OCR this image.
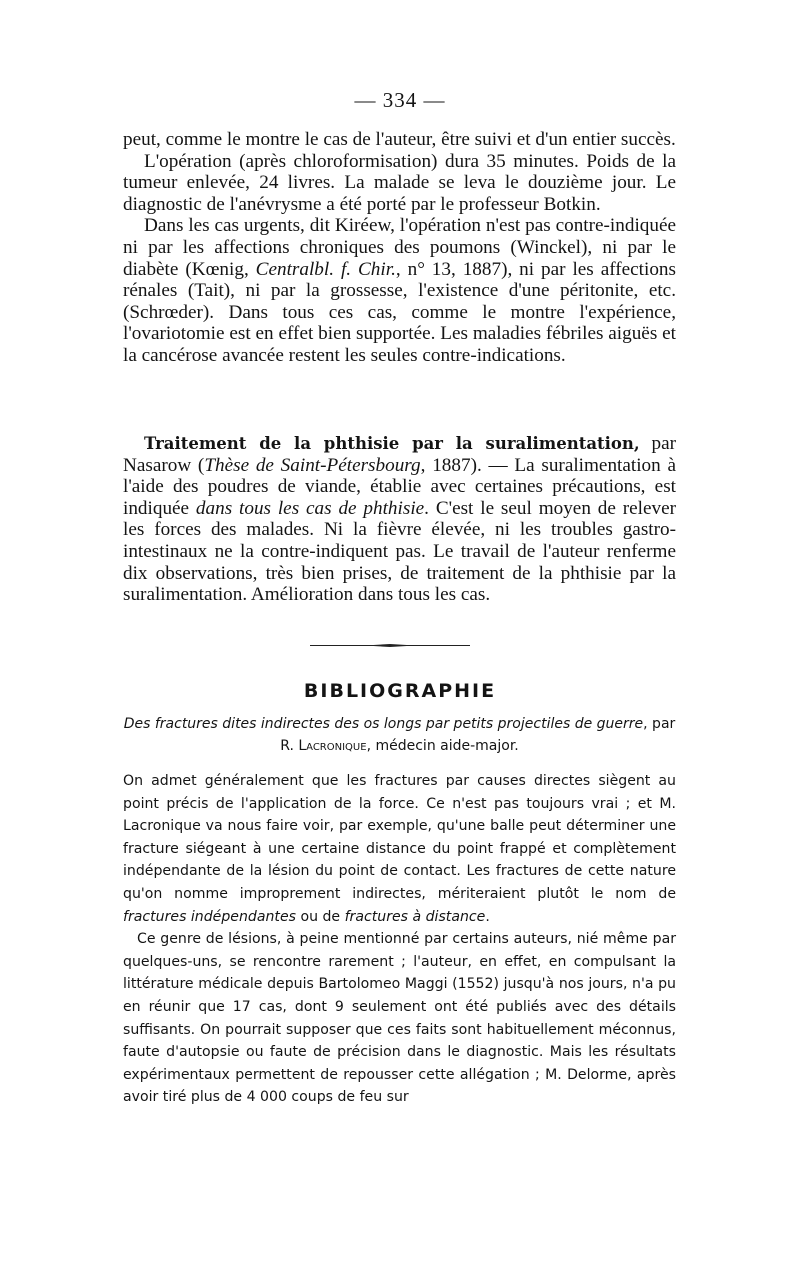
— 334 —

peut, comme le montre le cas de l'auteur, être suivi et d'un entier succès.

L'opération (après chloroformisation) dura 35 minutes. Poids de la tumeur enlevée, 24 livres. La malade se leva le douzième jour. Le diagnostic de l'anévrysme a été porté par le professeur Botkin.

Dans les cas urgents, dit Kiréew, l'opération n'est pas contre-indiquée ni par les affections chroniques des poumons (Winckel), ni par le diabète (Kœnig, Centralbl. f. Chir., n° 13, 1887), ni par les affections rénales (Tait), ni par la grossesse, l'existence d'une péritonite, etc. (Schrœder). Dans tous ces cas, comme le montre l'expérience, l'ovariotomie est en effet bien supportée. Les maladies fébriles aiguës et la cancérose avancée restent les seules contre-indications.

Traitement de la phthisie par la suralimentation, par Nasarow (Thèse de Saint-Pétersbourg, 1887). — La suralimentation à l'aide des poudres de viande, établie avec certaines précautions, est indiquée dans tous les cas de phthisie. C'est le seul moyen de relever les forces des malades. Ni la fièvre élevée, ni les troubles gastro-intestinaux ne la contre-indiquent pas. Le travail de l'auteur renferme dix observations, très bien prises, de traitement de la phthisie par la suralimentation. Amélioration dans tous les cas.

BIBLIOGRAPHIE
Des fractures dites indirectes des os longs par petits projectiles de guerre, par R. Lacronique, médecin aide-major.

On admet généralement que les fractures par causes directes siègent au point précis de l'application de la force. Ce n'est pas toujours vrai ; et M. Lacronique va nous faire voir, par exemple, qu'une balle peut déterminer une fracture siégeant à une certaine distance du point frappé et complètement indépendante de la lésion du point de contact. Les fractures de cette nature qu'on nomme improprement indirectes, mériteraient plutôt le nom de fractures indépendantes ou de fractures à distance.

Ce genre de lésions, à peine mentionné par certains auteurs, nié même par quelques-uns, se rencontre rarement ; l'auteur, en effet, en compulsant la littérature médicale depuis Bartolomeo Maggi (1552) jusqu'à nos jours, n'a pu en réunir que 17 cas, dont 9 seulement ont été publiés avec des détails suffisants. On pourrait supposer que ces faits sont habituellement méconnus, faute d'autopsie ou faute de précision dans le diagnostic. Mais les résultats expérimentaux permettent de repousser cette allégation ; M. Delorme, après avoir tiré plus de 4 000 coups de feu sur
